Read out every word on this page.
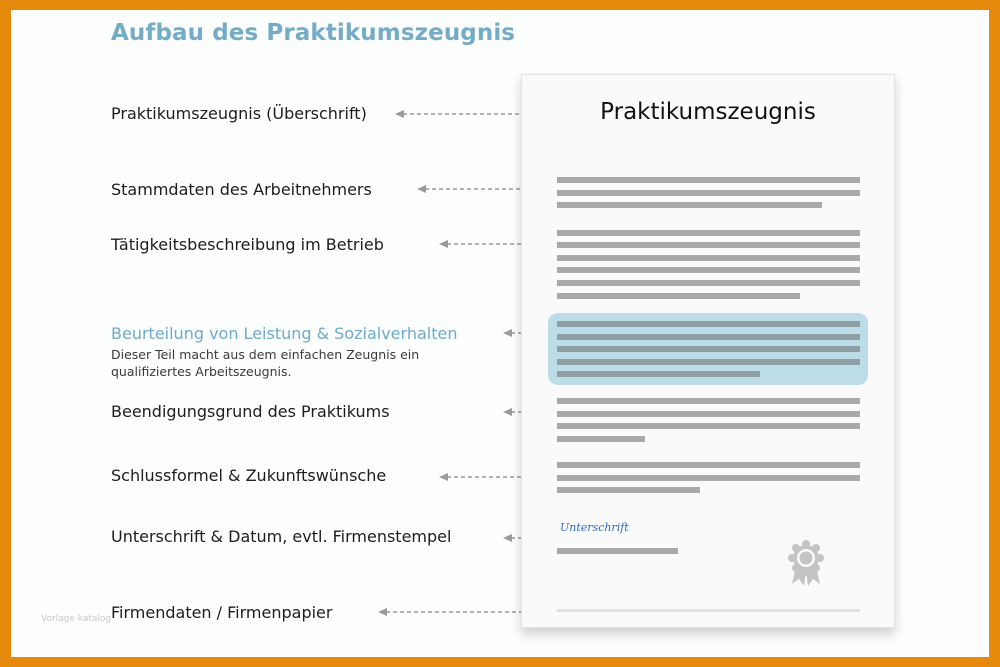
Aufbau des Praktikumszeugnis
Praktikumszeugnis (Überschrift)
Stammdaten des Arbeitnehmers
Tätigkeitsbeschreibung im Betrieb
Beurteilung von Leistung & Sozialverhalten
Dieser Teil macht aus dem einfachen Zeugnis ein qualifiziertes Arbeitszeugnis.
Beendigungsgrund des Praktikums
Schlussformel & Zukunftswünsche
Unterschrift & Datum, evtl. Firmenstempel
Firmendaten / Firmenpapier
Praktikumszeugnis
Unterschrift
Vorlage katalog
